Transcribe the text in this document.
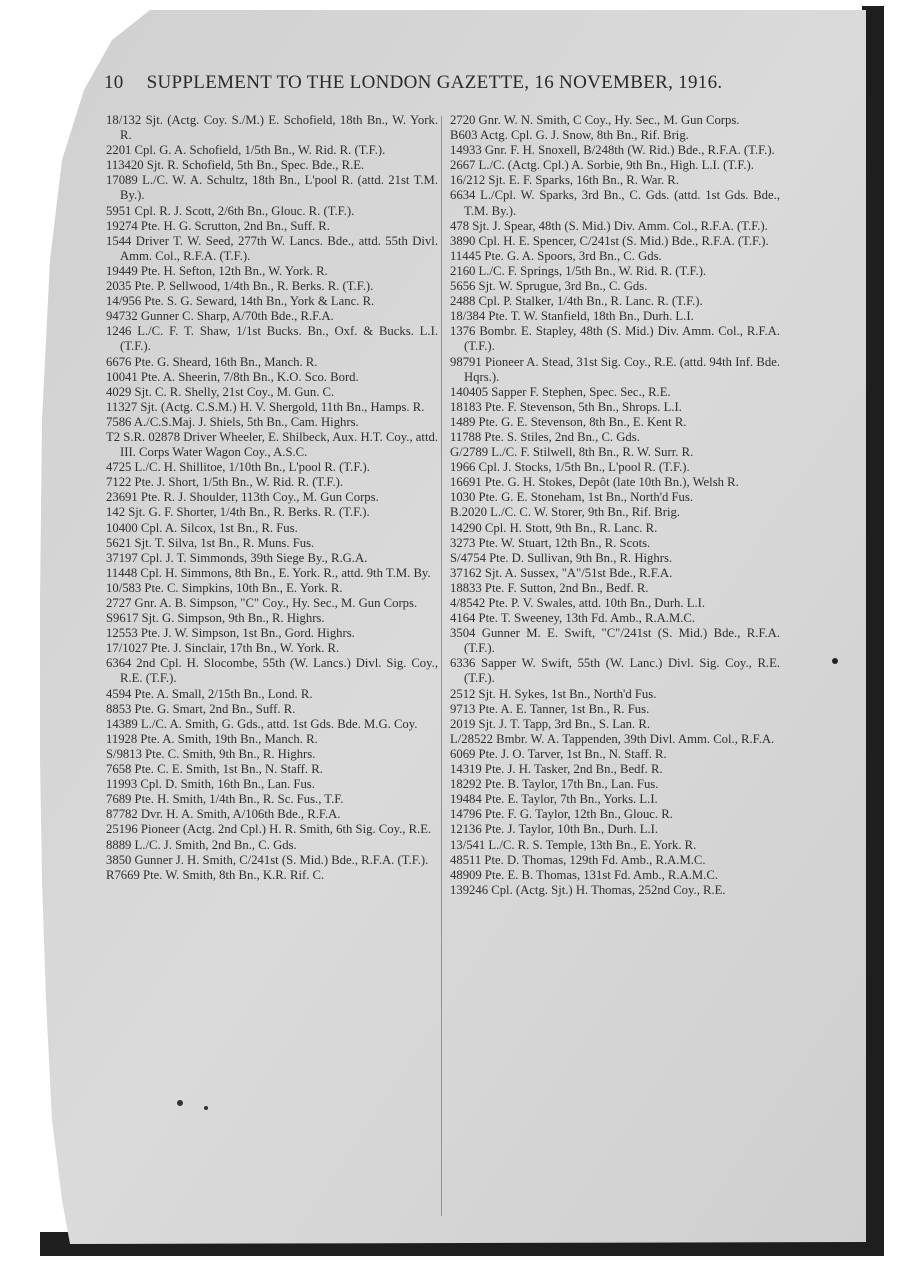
10 SUPPLEMENT TO THE LONDON GAZETTE, 16 NOVEMBER, 1916.
18/132 Sjt. (Actg. Coy. S./M.) E. Schofield, 18th Bn., W. York. R.
2201 Cpl. G. A. Schofield, 1/5th Bn., W. Rid. R. (T.F.).
113420 Sjt. R. Schofield, 5th Bn., Spec. Bde., R.E.
17089 L./C. W. A. Schultz, 18th Bn., L'pool R. (attd. 21st T.M. By.).
5951 Cpl. R. J. Scott, 2/6th Bn., Glouc. R. (T.F.).
19274 Pte. H. G. Scrutton, 2nd Bn., Suff. R.
1544 Driver T. W. Seed, 277th W. Lancs. Bde., attd. 55th Divl. Amm. Col., R.F.A. (T.F.).
19449 Pte. H. Sefton, 12th Bn., W. York. R.
2035 Pte. P. Sellwood, 1/4th Bn., R. Berks. R. (T.F.).
14/956 Pte. S. G. Seward, 14th Bn., York & Lanc. R.
94732 Gunner C. Sharp, A/70th Bde., R.F.A.
1246 L./C. F. T. Shaw, 1/1st Bucks. Bn., Oxf. & Bucks. L.I. (T.F.).
6676 Pte. G. Sheard, 16th Bn., Manch. R.
10041 Pte. A. Sheerin, 7/8th Bn., K.O. Sco. Bord.
4029 Sjt. C. R. Shelly, 21st Coy., M. Gun. C.
11327 Sjt. (Actg. C.S.M.) H. V. Shergold, 11th Bn., Hamps. R.
7586 A./C.S.Maj. J. Shiels, 5th Bn., Cam. Highrs.
T2 S.R. 02878 Driver Wheeler, E. Shilbeck, Aux. H.T. Coy., attd. III. Corps Water Wagon Coy., A.S.C.
4725 L./C. H. Shillitoe, 1/10th Bn., L'pool R. (T.F.).
7122 Pte. J. Short, 1/5th Bn., W. Rid. R. (T.F.).
23691 Pte. R. J. Shoulder, 113th Coy., M. Gun Corps.
142 Sjt. G. F. Shorter, 1/4th Bn., R. Berks. R. (T.F.).
10400 Cpl. A. Silcox, 1st Bn., R. Fus.
5621 Sjt. T. Silva, 1st Bn., R. Muns. Fus.
37197 Cpl. J. T. Simmonds, 39th Siege By., R.G.A.
11448 Cpl. H. Simmons, 8th Bn., E. York. R., attd. 9th T.M. By.
10/583 Pte. C. Simpkins, 10th Bn., E. York. R.
2727 Gnr. A. B. Simpson, "C" Coy., Hy. Sec., M. Gun Corps.
S9617 Sjt. G. Simpson, 9th Bn., R. Highrs.
12553 Pte. J. W. Simpson, 1st Bn., Gord. Highrs.
17/1027 Pte. J. Sinclair, 17th Bn., W. York. R.
6364 2nd Cpl. H. Slocombe, 55th (W. Lancs.) Divl. Sig. Coy., R.E. (T.F.).
4594 Pte. A. Small, 2/15th Bn., Lond. R.
8853 Pte. G. Smart, 2nd Bn., Suff. R.
14389 L./C. A. Smith, G. Gds., attd. 1st Gds. Bde. M.G. Coy.
11928 Pte. A. Smith, 19th Bn., Manch. R.
S/9813 Pte. C. Smith, 9th Bn., R. Highrs.
7658 Pte. C. E. Smith, 1st Bn., N. Staff. R.
11993 Cpl. D. Smith, 16th Bn., Lan. Fus.
7689 Pte. H. Smith, 1/4th Bn., R. Sc. Fus., T.F.
87782 Dvr. H. A. Smith, A/106th Bde., R.F.A.
25196 Pioneer (Actg. 2nd Cpl.) H. R. Smith, 6th Sig. Coy., R.E.
8889 L./C. J. Smith, 2nd Bn., C. Gds.
3850 Gunner J. H. Smith, C/241st (S. Mid.) Bde., R.F.A. (T.F.).
R7669 Pte. W. Smith, 8th Bn., K.R. Rif. C.
2720 Gnr. W. N. Smith, C Coy., Hy. Sec., M. Gun Corps.
B603 Actg. Cpl. G. J. Snow, 8th Bn., Rif. Brig.
14933 Gnr. F. H. Snoxell, B/248th (W. Rid.) Bde., R.F.A. (T.F.).
2667 L./C. (Actg. Cpl.) A. Sorbie, 9th Bn., High. L.I. (T.F.).
16/212 Sjt. E. F. Sparks, 16th Bn., R. War. R.
6634 L./Cpl. W. Sparks, 3rd Bn., C. Gds. (attd. 1st Gds. Bde., T.M. By.).
478 Sjt. J. Spear, 48th (S. Mid.) Div. Amm. Col., R.F.A. (T.F.).
3890 Cpl. H. E. Spencer, C/241st (S. Mid.) Bde., R.F.A. (T.F.).
11445 Pte. G. A. Spoors, 3rd Bn., C. Gds.
2160 L./C. F. Springs, 1/5th Bn., W. Rid. R. (T.F.).
5656 Sjt. W. Sprugue, 3rd Bn., C. Gds.
2488 Cpl. P. Stalker, 1/4th Bn., R. Lanc. R. (T.F.).
18/384 Pte. T. W. Stanfield, 18th Bn., Durh. L.I.
1376 Bombr. E. Stapley, 48th (S. Mid.) Div. Amm. Col., R.F.A. (T.F.).
98791 Pioneer A. Stead, 31st Sig. Coy., R.E. (attd. 94th Inf. Bde. Hqrs.).
140405 Sapper F. Stephen, Spec. Sec., R.E.
18183 Pte. F. Stevenson, 5th Bn., Shrops. L.I.
1489 Pte. G. E. Stevenson, 8th Bn., E. Kent R.
11788 Pte. S. Stiles, 2nd Bn., C. Gds.
G/2789 L./C. F. Stilwell, 8th Bn., R. W. Surr. R.
1966 Cpl. J. Stocks, 1/5th Bn., L'pool R. (T.F.).
16691 Pte. G. H. Stokes, Depôt (late 10th Bn.), Welsh R.
1030 Pte. G. E. Stoneham, 1st Bn., North'd Fus.
B.2020 L./C. C. W. Storer, 9th Bn., Rif. Brig.
14290 Cpl. H. Stott, 9th Bn., R. Lanc. R.
3273 Pte. W. Stuart, 12th Bn., R. Scots.
S/4754 Pte. D. Sullivan, 9th Bn., R. Highrs.
37162 Sjt. A. Sussex, "A"/51st Bde., R.F.A.
18833 Pte. F. Sutton, 2nd Bn., Bedf. R.
4/8542 Pte. P. V. Swales, attd. 10th Bn., Durh. L.I.
4164 Pte. T. Sweeney, 13th Fd. Amb., R.A.M.C.
3504 Gunner M. E. Swift, "C"/241st (S. Mid.) Bde., R.F.A. (T.F.).
6336 Sapper W. Swift, 55th (W. Lanc.) Divl. Sig. Coy., R.E. (T.F.).
2512 Sjt. H. Sykes, 1st Bn., North'd Fus.
9713 Pte. A. E. Tanner, 1st Bn., R. Fus.
2019 Sjt. J. T. Tapp, 3rd Bn., S. Lan. R.
L/28522 Bmbr. W. A. Tappenden, 39th Divl. Amm. Col., R.F.A.
6069 Pte. J. O. Tarver, 1st Bn., N. Staff. R.
14319 Pte. J. H. Tasker, 2nd Bn., Bedf. R.
18292 Pte. B. Taylor, 17th Bn., Lan. Fus.
19484 Pte. E. Taylor, 7th Bn., Yorks. L.I.
14796 Pte. F. G. Taylor, 12th Bn., Glouc. R.
12136 Pte. J. Taylor, 10th Bn., Durh. L.I.
13/541 L./C. R. S. Temple, 13th Bn., E. York. R.
48511 Pte. D. Thomas, 129th Fd. Amb., R.A.M.C.
48909 Pte. E. B. Thomas, 131st Fd. Amb., R.A.M.C.
139246 Cpl. (Actg. Sjt.) H. Thomas, 252nd Coy., R.E.
